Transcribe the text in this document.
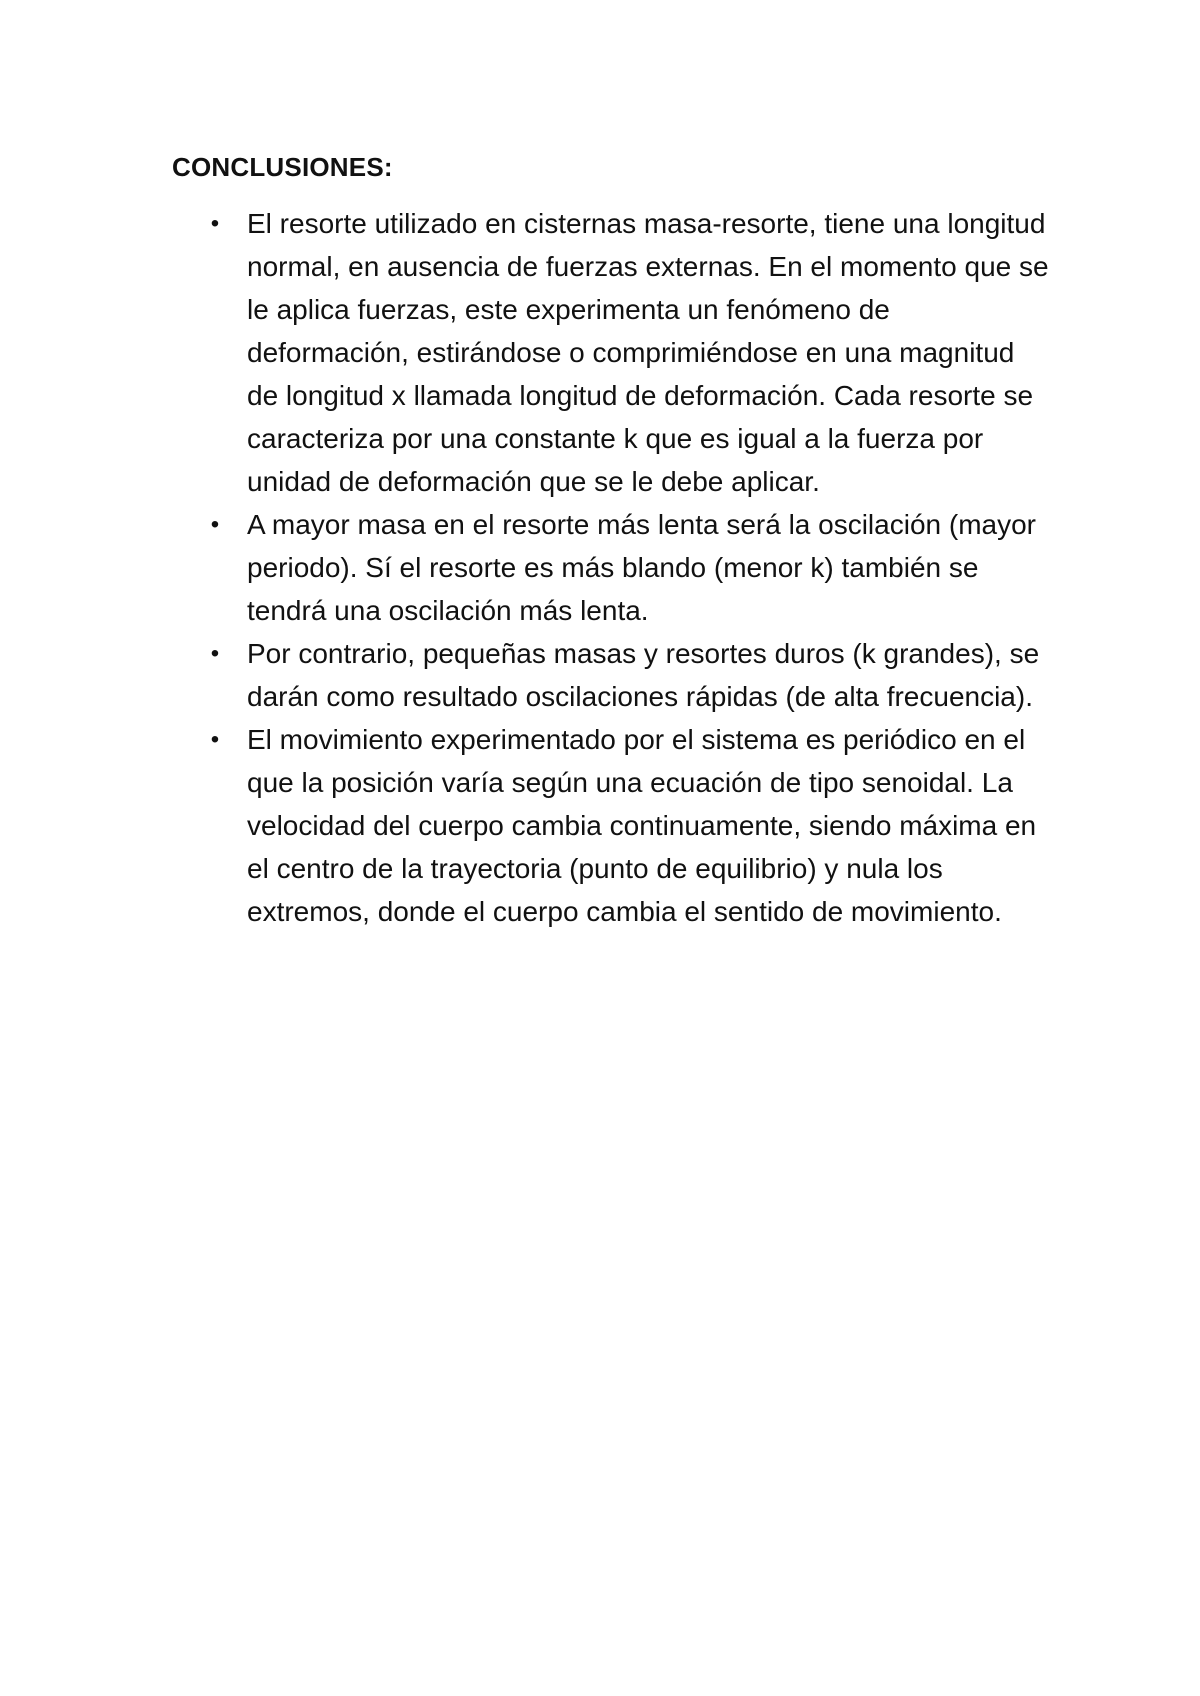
CONCLUSIONES:
• El resorte utilizado en cisternas masa-resorte, tiene una longitud normal, en ausencia de fuerzas externas. En el momento que se le aplica fuerzas, este experimenta un fenómeno de deformación, estirándose o comprimiéndose en una magnitud de longitud x llamada longitud de deformación. Cada resorte se caracteriza por una constante k que es igual a la fuerza por unidad de deformación que se le debe aplicar.
• A mayor masa en el resorte más lenta será la oscilación (mayor periodo). Sí el resorte es más blando (menor k) también se tendrá una oscilación más lenta.
• Por contrario, pequeñas masas y resortes duros (k grandes), se darán como resultado oscilaciones rápidas (de alta frecuencia).
• El movimiento experimentado por el sistema es periódico en el que la posición varía según una ecuación de tipo senoidal. La velocidad del cuerpo cambia continuamente, siendo máxima en el centro de la trayectoria (punto de equilibrio) y nula los extremos, donde el cuerpo cambia el sentido de movimiento.
